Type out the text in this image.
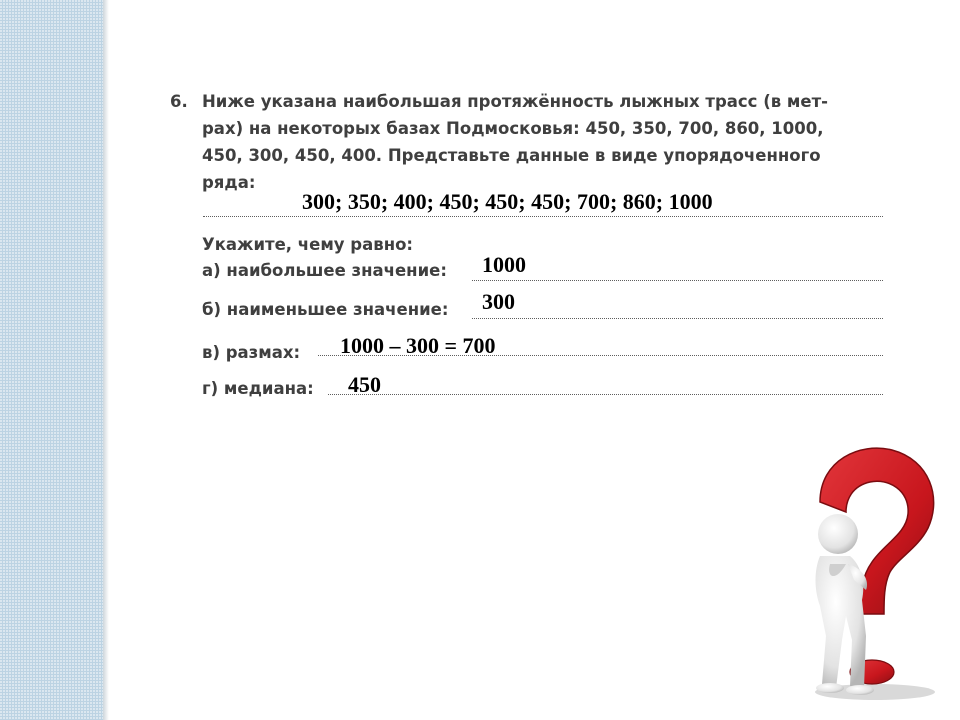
6. Ниже указана наибольшая протяжённость лыжных трасс (в мет-
рах) на некоторых базах Подмосковья: 450, 350, 700, 860, 1000,
450, 300, 450, 400. Представьте данные в виде упорядоченного
ряда:
Укажите, чему равно:
а) наибольшее значение:
б) наименьшее значение:
в) размах:
г) медиана:
300; 350; 400; 450; 450; 450; 700; 860; 1000
1000
300
1000 – 300 = 700
450
